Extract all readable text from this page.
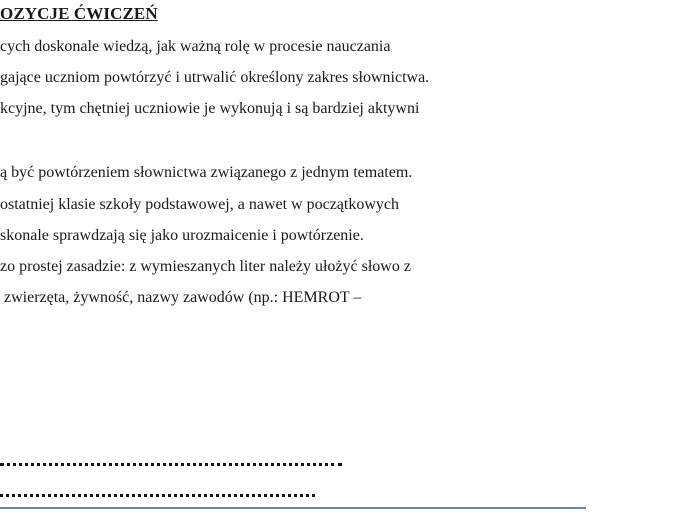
OZYCJE ĆWICZEŃ
cych doskonale wiedzą, jak ważną rolę w procesie nauczania
gające uczniom powtórzyć i utrwalić określony zakres słownictwa.
kcyjne, tym chętniej uczniowie je wykonują i są bardziej aktywni
ą być powtórzeniem słownictwa związanego z jednym tematem.
ostatniej klasie szkoły podstawowej, a nawet w początkowych
skonale sprawdzają się jako urozmaicenie i powtórzenie.
zo prostej zasadzie: z wymieszanych liter należy ułożyć słowo z
zwierzęta, żywność, nazwy zawodów (np.: HEMROT –
